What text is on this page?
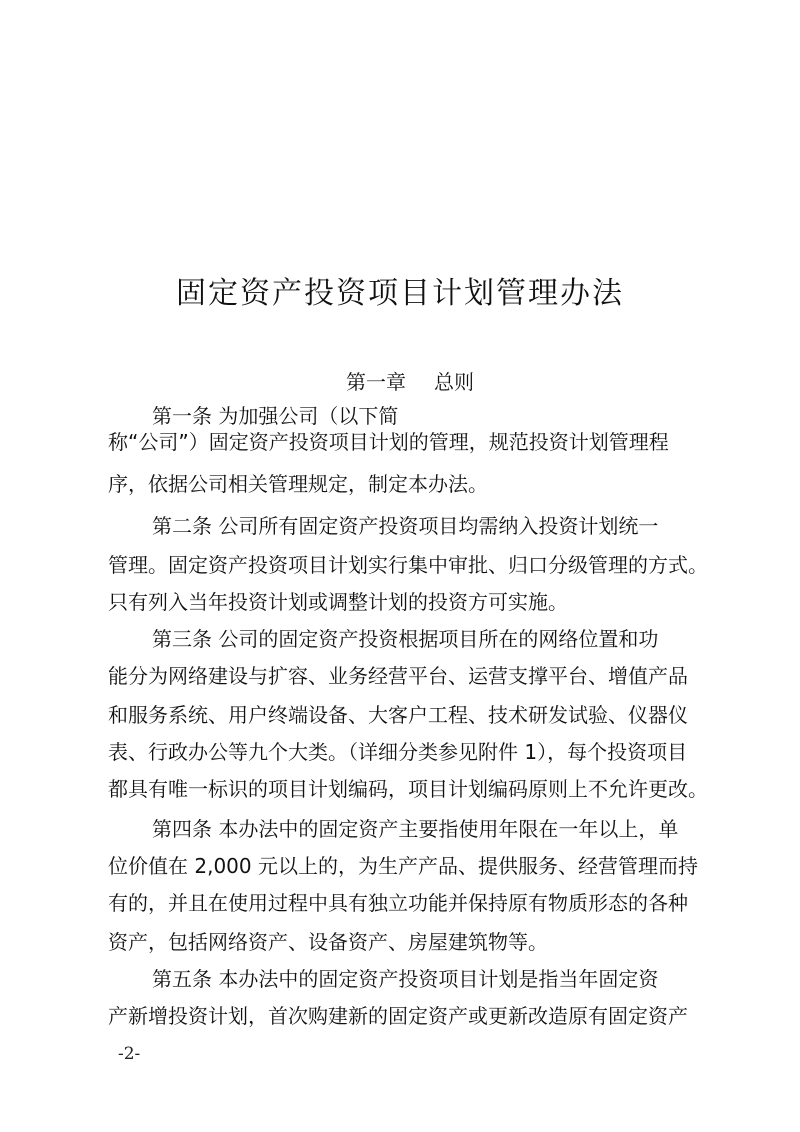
固定资产投资项目计划管理办法
第一章 总则
第一条 为加强公司（以下简
称“公司”）固定资产投资项目计划的管理，规范投资计划管理程
序，依据公司相关管理规定，制定本办法。
第二条 公司所有固定资产投资项目均需纳入投资计划统一
管理。固定资产投资项目计划实行集中审批、归口分级管理的方式。
只有列入当年投资计划或调整计划的投资方可实施。
第三条 公司的固定资产投资根据项目所在的网络位置和功
能分为网络建设与扩容、业务经营平台、运营支撑平台、增值产品
和服务系统、用户终端设备、大客户工程、技术研发试验、仪器仪
表、行政办公等九个大类。（详细分类参见附件 1），每个投资项目
都具有唯一标识的项目计划编码，项目计划编码原则上不允许更改。
第四条 本办法中的固定资产主要指使用年限在一年以上，单
位价值在 2,000 元以上的，为生产产品、提供服务、经营管理而持
有的，并且在使用过程中具有独立功能并保持原有物质形态的各种
资产，包括网络资产、设备资产、房屋建筑物等。
第五条 本办法中的固定资产投资项目计划是指当年固定资
产新增投资计划，首次购建新的固定资产或更新改造原有固定资产
-2-
